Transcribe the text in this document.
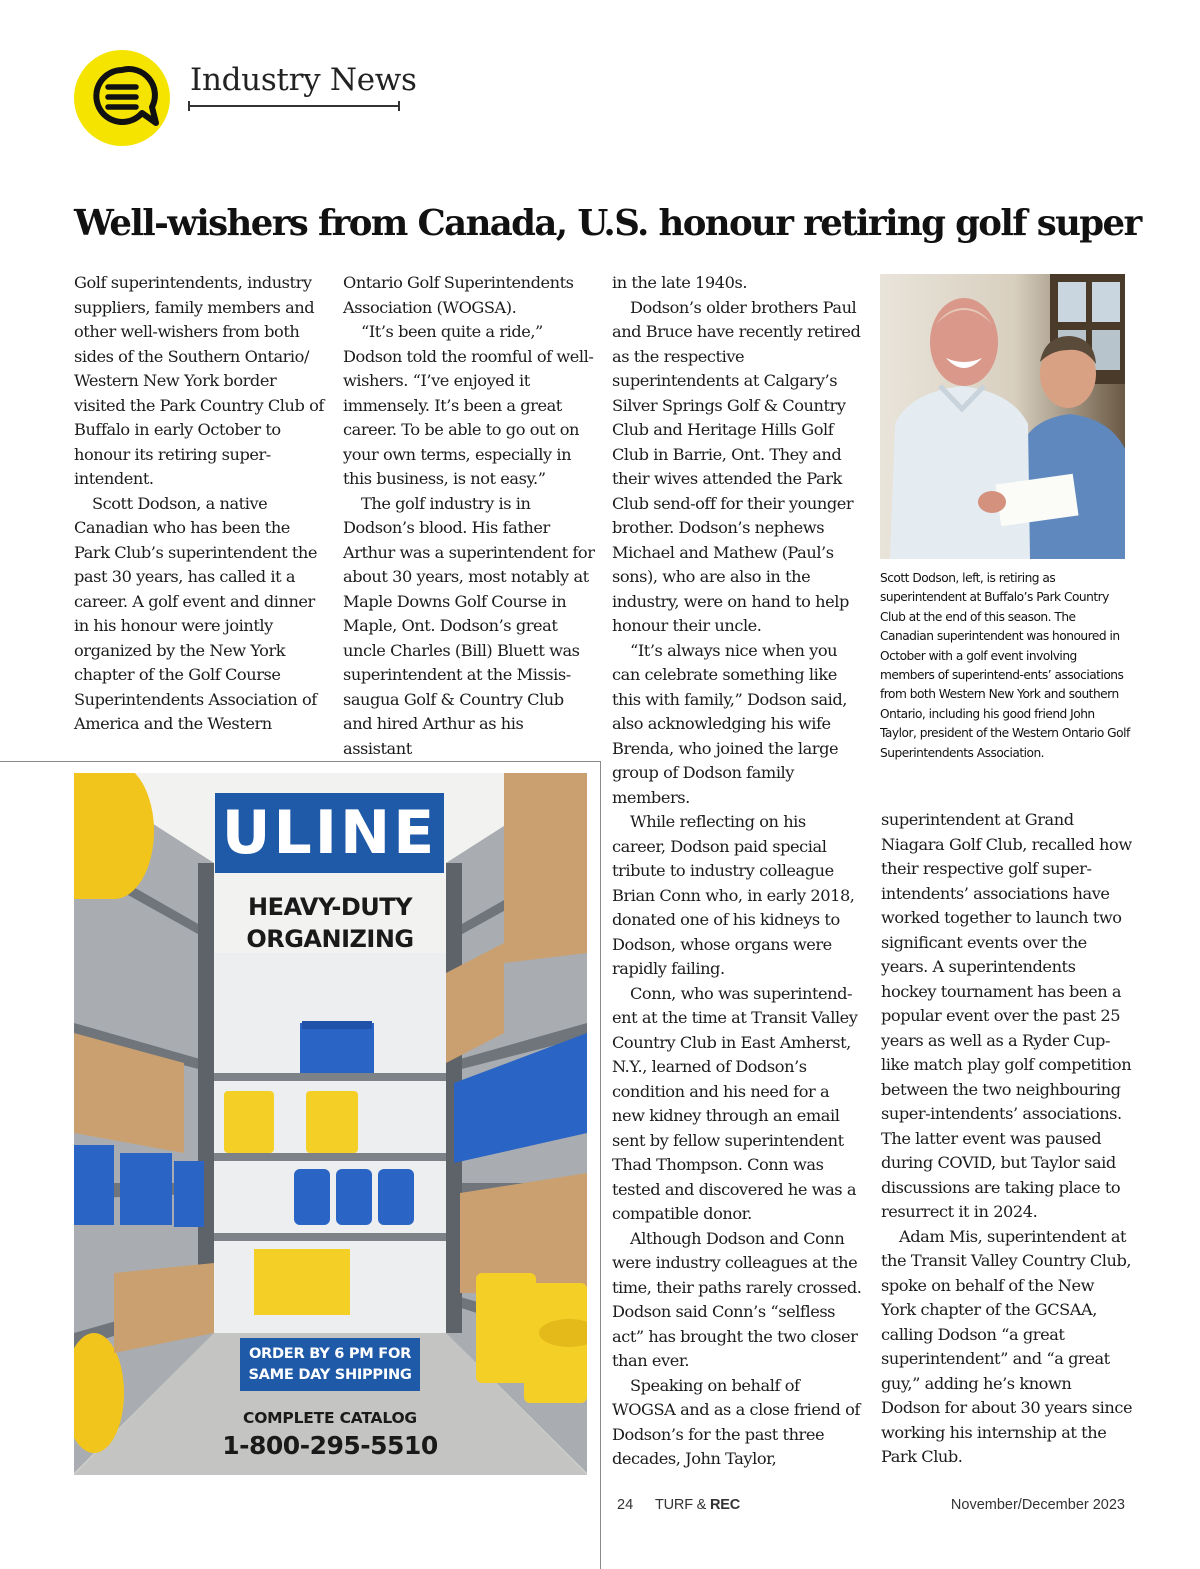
Industry News
Well-wishers from Canada, U.S. honour retiring golf super

Golf superintendents, industry suppliers, family members and other well-wishers from both sides of the Southern Ontario/ Western New York border visited the Park Country Club of Buffalo in early October to honour its retiring super-intendent.

Scott Dodson, a native Canadian who has been the Park Club’s superintendent the past 30 years, has called it a career. A golf event and dinner in his honour were jointly organized by the New York chapter of the Golf Course Superintendents Association of America and the Western

Ontario Golf Superintendents Association (WOGSA).

“It’s been quite a ride,” Dodson told the roomful of well-wishers. “I’ve enjoyed it immensely. It’s been a great career. To be able to go out on your own terms, especially in this business, is not easy.”

The golf industry is in Dodson’s blood. His father Arthur was a superintendent for about 30 years, most notably at Maple Downs Golf Course in Maple, Ont. Dodson’s great uncle Charles (Bill) Bluett was superintendent at the Missis-saugua Golf & Country Club and hired Arthur as his assistant

in the late 1940s.

Dodson’s older brothers Paul and Bruce have recently retired as the respective superintendents at Calgary’s Silver Springs Golf & Country Club and Heritage Hills Golf Club in Barrie, Ont. They and their wives attended the Park Club send-off for their younger brother. Dodson’s nephews Michael and Mathew (Paul’s sons), who are also in the industry, were on hand to help honour their uncle.

“It’s always nice when you can celebrate something like this with family,” Dodson said, also acknowledging his wife Brenda, who joined the large group of Dodson family members.

While reflecting on his career, Dodson paid special tribute to industry colleague Brian Conn who, in early 2018, donated one of his kidneys to Dodson, whose organs were rapidly failing.

Conn, who was superintend-ent at the time at Transit Valley Country Club in East Amherst, N.Y., learned of Dodson’s condition and his need for a new kidney through an email sent by fellow superintendent Thad Thompson. Conn was tested and discovered he was a compatible donor.

Although Dodson and Conn were industry colleagues at the time, their paths rarely crossed. Dodson said Conn’s “selfless act” has brought the two closer than ever.

Speaking on behalf of WOGSA and as a close friend of Dodson’s for the past three decades, John Taylor,

Scott Dodson, left, is retiring as superintendent at Buffalo’s Park Country Club at the end of this season. The Canadian superintendent was honoured in October with a golf event involving members of superintend-ents’ associations from both Western New York and southern Ontario, including his good friend John Taylor, president of the Western Ontario Golf Superintendents Association.

superintendent at Grand Niagara Golf Club, recalled how their respective golf super-intendents’ associations have worked together to launch two significant events over the years. A superintendents hockey tournament has been a popular event over the past 25 years as well as a Ryder Cup-like match play golf competition between the two neighbouring super-intendents’ associations. The latter event was paused during COVID, but Taylor said discussions are taking place to resurrect it in 2024.

Adam Mis, superintendent at the Transit Valley Country Club, spoke on behalf of the New York chapter of the GCSAA, calling Dodson “a great superintendent” and “a great guy,” adding he’s known Dodson for about 30 years since working his internship at the Park Club.

ULINE
HEAVY-DUTY
ORGANIZING
ORDER BY 6 PM FOR
SAME DAY SHIPPING
COMPLETE CATALOG
1-800-295-5510
24 TURF & REC	November/December 2023
